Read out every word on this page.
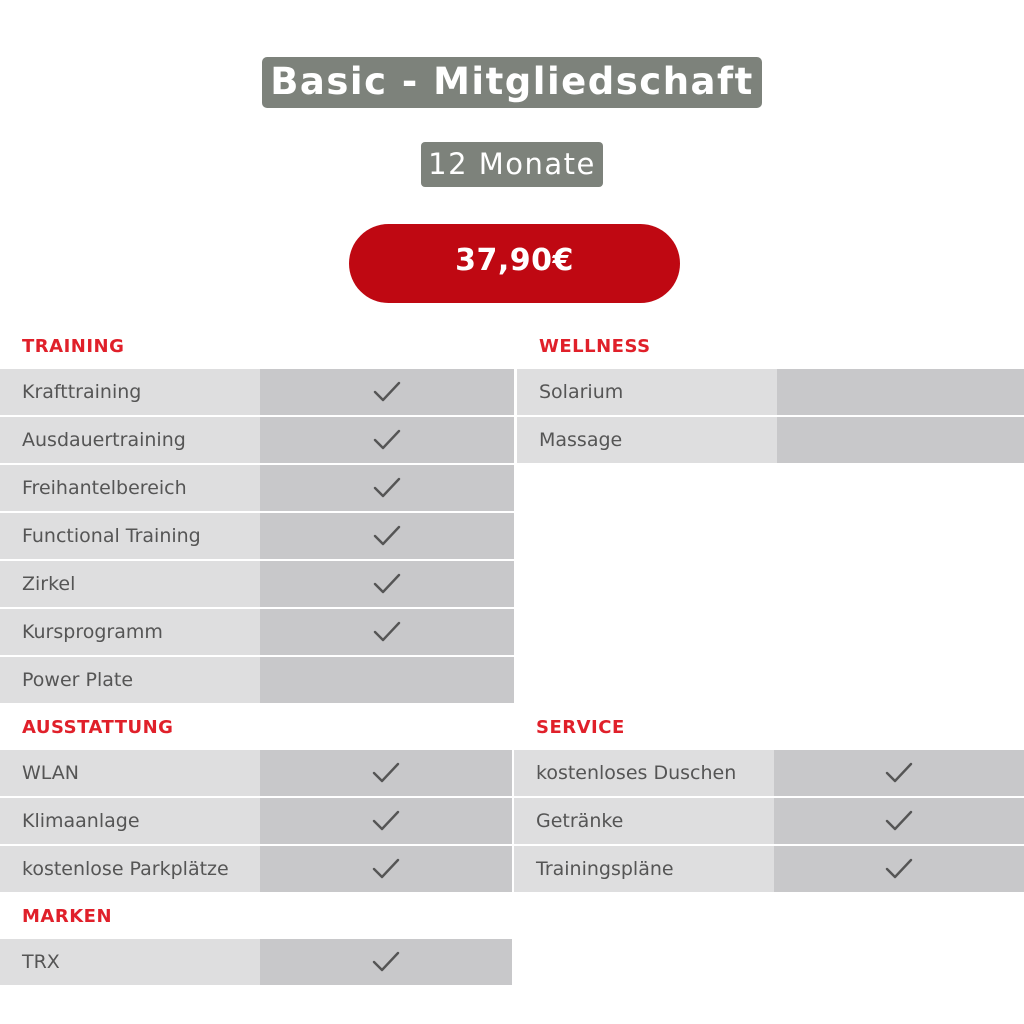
Basic - Mitgliedschaft
12 Monate
37,90€
TRAINING
Krafttraining
Ausdauertraining
Freihantelbereich
Functional Training
Zirkel
Kursprogramm
Power Plate
WELLNESS
Solarium
Massage
AUSSTATTUNG
WLAN
Klimaanlage
kostenlose Parkplätze
SERVICE
kostenloses Duschen
Getränke
Trainingspläne
MARKEN
TRX
